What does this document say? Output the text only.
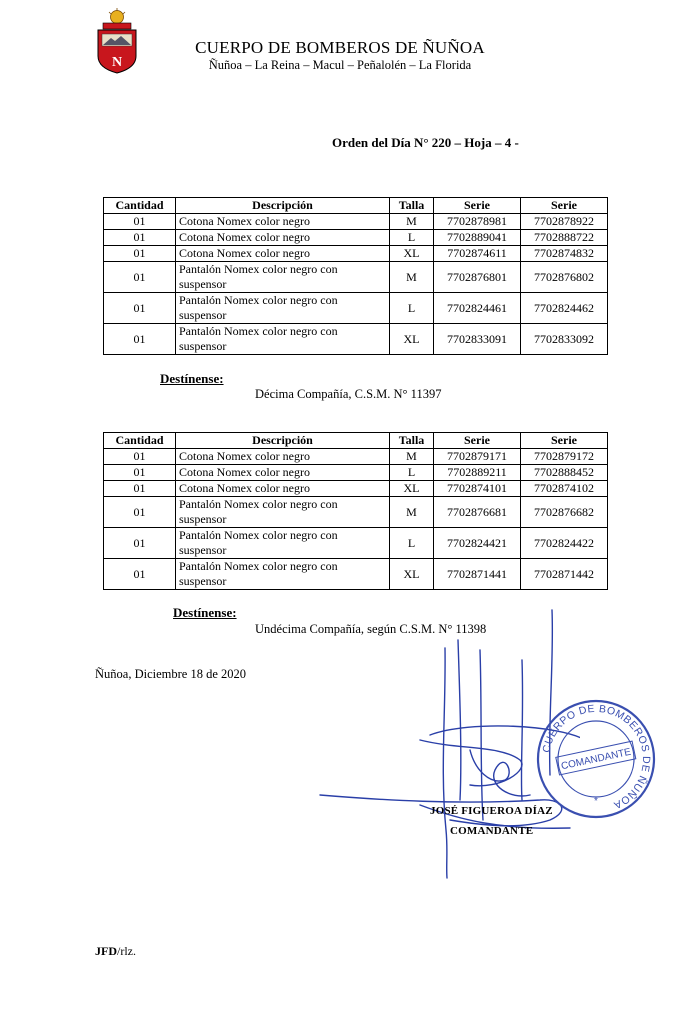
N
CUERPO DE BOMBEROS DE ÑUÑOA
Ñuñoa – La Reina – Macul – Peñalolén – La Florida
Orden del Día N° 220 – Hoja – 4 -
Cantidad	Descripción	Talla	Serie	Serie
01	Cotona Nomex color negro	M	7702878981	7702878922
01	Cotona Nomex color negro	L	7702889041	7702888722
01	Cotona Nomex color negro	XL	7702874611	7702874832
01	Pantalón Nomex color negro con suspensor	M	7702876801	7702876802
01	Pantalón Nomex color negro con suspensor	L	7702824461	7702824462
01	Pantalón Nomex color negro con suspensor	XL	7702833091	7702833092
Destínense:
Décima Compañía, C.S.M. N° 11397
Cantidad	Descripción	Talla	Serie	Serie
01	Cotona Nomex color negro	M	7702879171	7702879172
01	Cotona Nomex color negro	L	7702889211	7702888452
01	Cotona Nomex color negro	XL	7702874101	7702874102
01	Pantalón Nomex color negro con suspensor	M	7702876681	7702876682
01	Pantalón Nomex color negro con suspensor	L	7702824421	7702824422
01	Pantalón Nomex color negro con suspensor	XL	7702871441	7702871442
Destínense:
Undécima Compañía, según C.S.M. N° 11398
Ñuñoa, Diciembre 18 de 2020
JOSÉ FIGUEROA DÍAZ
COMANDANTE
CUERPO DE BOMBEROS DE ÑUÑOA
COMANDANTE
*
JFD/rlz.
